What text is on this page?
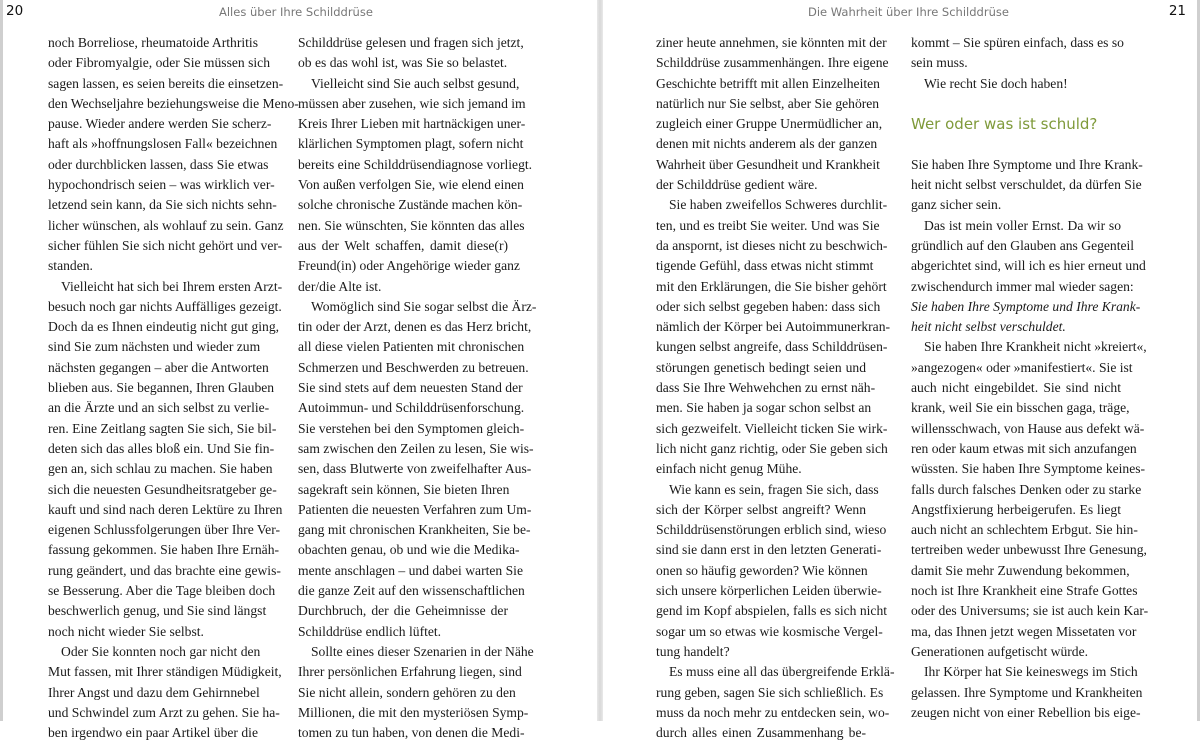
20	Alles über Ihre Schilddrüse
noch Borreliose, rheumatoide Arthritis
oder Fibromyalgie, oder Sie müssen sich
sagen lassen, es seien bereits die einsetzen-
den Wechseljahre beziehungsweise die Meno-
pause. Wieder andere werden Sie scherz-
haft als »hoffnungslosen Fall« bezeichnen
oder durchblicken lassen, dass Sie etwas
hypochondrisch seien – was wirklich ver-
letzend sein kann, da Sie sich nichts sehn-
licher wünschen, als wohlauf zu sein. Ganz
sicher fühlen Sie sich nicht gehört und ver-
standen.
Vielleicht hat sich bei Ihrem ersten Arzt-
besuch noch gar nichts Auffälliges gezeigt.
Doch da es Ihnen eindeutig nicht gut ging,
sind Sie zum nächsten und wieder zum
nächsten gegangen – aber die Antworten
blieben aus. Sie begannen, Ihren Glauben
an die Ärzte und an sich selbst zu verlie-
ren. Eine Zeitlang sagten Sie sich, Sie bil-
deten sich das alles bloß ein. Und Sie fin-
gen an, sich schlau zu machen. Sie haben
sich die neuesten Gesundheitsratgeber ge-
kauft und sind nach deren Lektüre zu Ihren
eigenen Schlussfolgerungen über Ihre Ver-
fassung gekommen. Sie haben Ihre Ernäh-
rung geändert, und das brachte eine gewis-
se Besserung. Aber die Tage bleiben doch
beschwerlich genug, und Sie sind längst
noch nicht wieder Sie selbst.
Oder Sie konnten noch gar nicht den
Mut fassen, mit Ihrer ständigen Müdigkeit,
Ihrer Angst und dazu dem Gehirnnebel
und Schwindel zum Arzt zu gehen. Sie ha-
ben irgendwo ein paar Artikel über die
Schilddrüse gelesen und fragen sich jetzt,
ob es das wohl ist, was Sie so belastet.
Vielleicht sind Sie auch selbst gesund,
müssen aber zusehen, wie sich jemand im
Kreis Ihrer Lieben mit hartnäckigen uner-
klärlichen Symptomen plagt, sofern nicht
bereits eine Schilddrüsendiagnose vorliegt.
Von außen verfolgen Sie, wie elend einen
solche chronische Zustände machen kön-
nen. Sie wünschten, Sie könnten das alles
aus der Welt schaffen, damit diese(r)
Freund(in) oder Angehörige wieder ganz
der/die Alte ist.
Womöglich sind Sie sogar selbst die Ärz-
tin oder der Arzt, denen es das Herz bricht,
all diese vielen Patienten mit chronischen
Schmerzen und Beschwerden zu betreuen.
Sie sind stets auf dem neuesten Stand der
Autoimmun- und Schilddrüsenforschung.
Sie verstehen bei den Symptomen gleich-
sam zwischen den Zeilen zu lesen, Sie wis-
sen, dass Blutwerte von zweifelhafter Aus-
sagekraft sein können, Sie bieten Ihren
Patienten die neuesten Verfahren zum Um-
gang mit chronischen Krankheiten, Sie be-
obachten genau, ob und wie die Medika-
mente anschlagen – und dabei warten Sie
die ganze Zeit auf den wissenschaftlichen
Durchbruch, der die Geheimnisse der
Schilddrüse endlich lüftet.
Sollte eines dieser Szenarien in der Nähe
Ihrer persönlichen Erfahrung liegen, sind
Sie nicht allein, sondern gehören zu den
Millionen, die mit den mysteriösen Symp-
tomen zu tun haben, von denen die Medi-
Die Wahrheit über Ihre Schilddrüse	21
ziner heute annehmen, sie könnten mit der
Schilddrüse zusammenhängen. Ihre eigene
Geschichte betrifft mit allen Einzelheiten
natürlich nur Sie selbst, aber Sie gehören
zugleich einer Gruppe Unermüdlicher an,
denen mit nichts anderem als der ganzen
Wahrheit über Gesundheit und Krankheit
der Schilddrüse gedient wäre.
Sie haben zweifellos Schweres durchlit-
ten, und es treibt Sie weiter. Und was Sie
da anspornt, ist dieses nicht zu beschwich-
tigende Gefühl, dass etwas nicht stimmt
mit den Erklärungen, die Sie bisher gehört
oder sich selbst gegeben haben: dass sich
nämlich der Körper bei Autoimmunerkran-
kungen selbst angreife, dass Schilddrüsen-
störungen genetisch bedingt seien und
dass Sie Ihre Wehwehchen zu ernst näh-
men. Sie haben ja sogar schon selbst an
sich gezweifelt. Vielleicht ticken Sie wirk-
lich nicht ganz richtig, oder Sie geben sich
einfach nicht genug Mühe.
Wie kann es sein, fragen Sie sich, dass
sich der Körper selbst angreift? Wenn
Schilddrüsenstörungen erblich sind, wieso
sind sie dann erst in den letzten Generati-
onen so häufig geworden? Wie können
sich unsere körperlichen Leiden überwie-
gend im Kopf abspielen, falls es sich nicht
sogar um so etwas wie kosmische Vergel-
tung handelt?
Es muss eine all das übergreifende Erklä-
rung geben, sagen Sie sich schließlich. Es
muss da noch mehr zu entdecken sein, wo-
durch alles einen Zusammenhang be-
kommt – Sie spüren einfach, dass es so
sein muss.
Wie recht Sie doch haben!
Wer oder was ist schuld?
Sie haben Ihre Symptome und Ihre Krank-
heit nicht selbst verschuldet, da dürfen Sie
ganz sicher sein.
Das ist mein voller Ernst. Da wir so
gründlich auf den Glauben ans Gegenteil
abgerichtet sind, will ich es hier erneut und
zwischendurch immer mal wieder sagen:
Sie haben Ihre Symptome und Ihre Krank-
heit nicht selbst verschuldet.
Sie haben Ihre Krankheit nicht »kreiert«,
»angezogen« oder »manifestiert«. Sie ist
auch nicht eingebildet. Sie sind nicht
krank, weil Sie ein bisschen gaga, träge,
willensschwach, von Hause aus defekt wä-
ren oder kaum etwas mit sich anzufangen
wüssten. Sie haben Ihre Symptome keines-
falls durch falsches Denken oder zu starke
Angstfixierung herbeigerufen. Es liegt
auch nicht an schlechtem Erbgut. Sie hin-
tertreiben weder unbewusst Ihre Genesung,
damit Sie mehr Zuwendung bekommen,
noch ist Ihre Krankheit eine Strafe Gottes
oder des Universums; sie ist auch kein Kar-
ma, das Ihnen jetzt wegen Missetaten vor
Generationen aufgetischt würde.
Ihr Körper hat Sie keineswegs im Stich
gelassen. Ihre Symptome und Krankheiten
zeugen nicht von einer Rebellion bis eige-
